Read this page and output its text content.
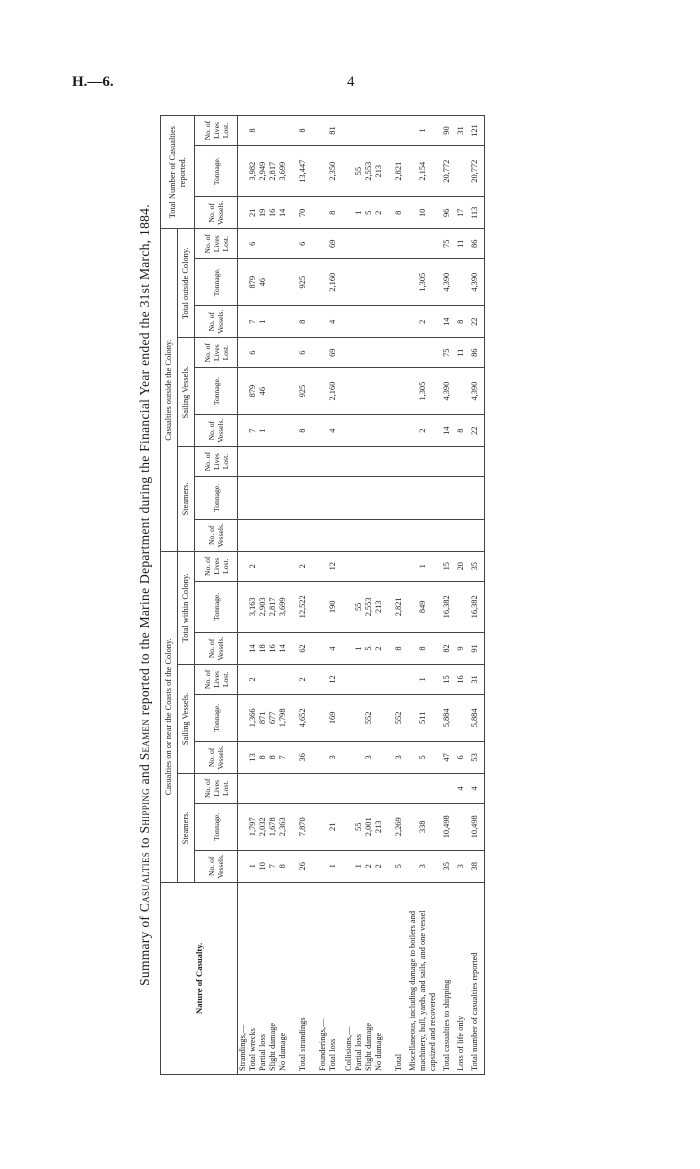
H.—6.	4
Summary of Casualties to Shipping and Seamen reported to the Marine Department during the Financial Year ended the 31st March, 1884.
Nature of Casualty.	Casualties on or near the Coasts of the Colony.									Casualties outside the Colony.									Total Number of Casualties reported.		
	Steamers.			Sailing Vessels.			Total within Colony.			Steamers.			Sailing Vessels.			Total outside Colony.					

	No. of Vessels.	Tonnage.	No. of Lives Lost.	No. of Vessels.	Tonnage.	No. of Lives Lost.	No. of Vessels.	Tonnage.	No. of Lives Lost.	No. of Vessels.	Tonnage.	No. of Lives Lost.	No. of Vessels.	Tonnage.	No. of Lives Lost.	No. of Vessels.	Tonnage.	No. of Lives Lost.	No. of Vessels.	Tonnage.	No. of Lives Lost.
Strandings,—																					
Total wrecks	1	1,797		13	1,366	2	14	3,163	2				7	879	6	7	879	6	21	3,982	8
Partial loss	10	2,032		8	871		18	2,903					1	46		1	46		19	2,949	
Slight damage	7	1,678		8	677		16	2,817											16	2,817	
No damage	8	2,363		7	1,798		14	3,699											14	3,699	

Total strandings	26	7,870		36	4,652	2	62	12,522	2				8	925	6	8	925	6	70	13,447	8

Founderings,—																					
Total loss	1	21		3	169	12	4	190	12				4	2,160	69	4	2,160	69	8	2,350	81

Collisions,—																					
Partial loss	1	55					1	55											1	55	
Slight damage	2	2,001		3	552		5	2,553											5	2,553	
No damage	2	213					2	213											2	213	

Total	5	2,269		3	552		8	2,821											8	2,821	
Miscellaneous, including damage to boilers and machinery, hull, yards, and sails, and one vessel capsized and recovered	3	338		5	511	1	8	849	1				2	1,305		2	1,305		10	2,154	1
Total casualties to shipping	35	10,498		47	5,884	15	82	16,382	15				14	4,390	75	14	4,390	75	96	20,772	90
Loss of life only	3		4	6		16	9		20				8		11	8		11	17		31
Total number of casualties reported	38	10,498	4	53	5,884	31	91	16,382	35				22	4,390	86	22	4,390	86	113	20,772	121
